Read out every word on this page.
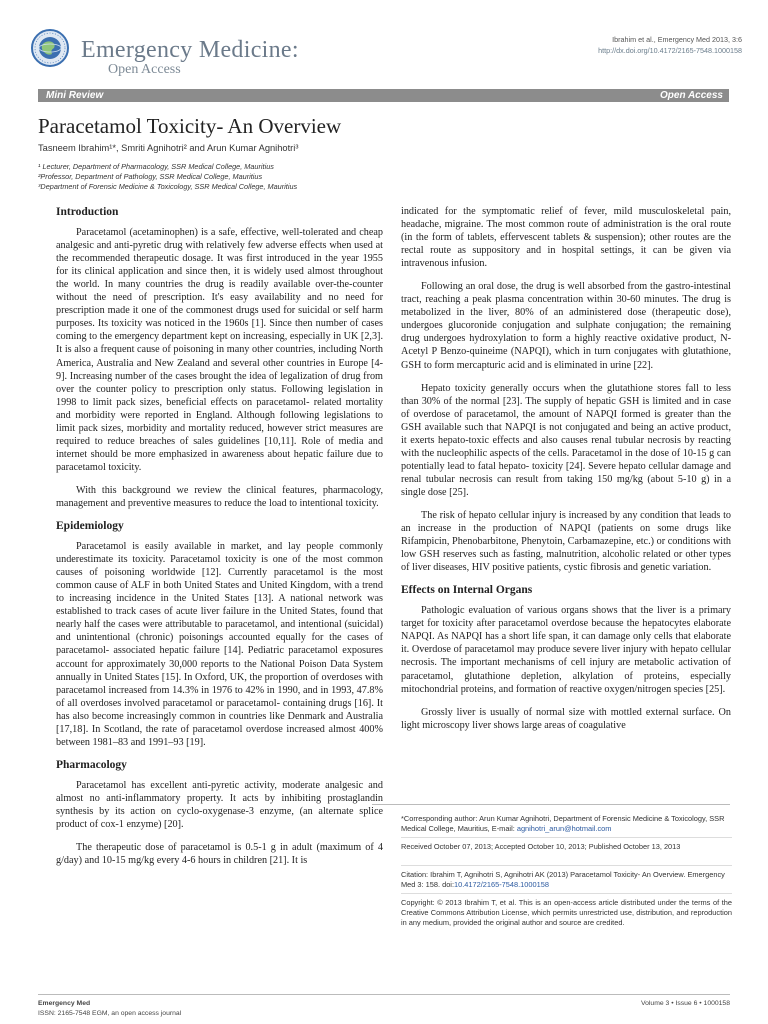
Emergency Medicine:
Open Access
Ibrahim et al., Emergency Med 2013, 3:6
http://dx.doi.org/10.4172/2165-7548.1000158
Mini Review	Open Access
Paracetamol Toxicity- An Overview
Tasneem Ibrahim¹*, Smriti Agnihotri² and Arun Kumar Agnihotri³
¹ Lecturer, Department of Pharmacology, SSR Medical College, Mauritius
²Professor, Department of Pathology, SSR Medical College, Mauritius
³Department of Forensic Medicine & Toxicology, SSR Medical College, Mauritius
Introduction

Paracetamol (acetaminophen) is a safe, effective, well-tolerated and cheap analgesic and anti-pyretic drug with relatively few adverse effects when used at the recommended therapeutic dosage. It was first introduced in the year 1955 for its clinical application and since then, it is widely used almost throughout the world. In many countries the drug is readily available over-the-counter without the need of prescription. It's easy availability and no need for prescription made it one of the commonest drugs used for suicidal or self harm purposes. Its toxicity was noticed in the 1960s [1]. Since then number of cases coming to the emergency department kept on increasing, especially in UK [2,3]. It is also a frequent cause of poisoning in many other countries, including North America, Australia and New Zealand and several other countries in Europe [4-9]. Increasing number of the cases brought the idea of legalization of drug from over the counter policy to prescription only status. Following legislation in 1998 to limit pack sizes, beneficial effects on paracetamol- related mortality and morbidity were reported in England. Although following legislations to limit pack sizes, morbidity and mortality reduced, however strict measures are required to reduce breaches of sales guidelines [10,11]. Role of media and internet should be more emphasized in awareness about hepatic failure due to paracetamol toxicity.

With this background we review the clinical features, pharmacology, management and preventive measures to reduce the load to intentional toxicity.

Epidemiology

Paracetamol is easily available in market, and lay people commonly underestimate its toxicity. Paracetamol toxicity is one of the most common causes of poisoning worldwide [12]. Currently paracetamol is the most common cause of ALF in both United States and United Kingdom, with a trend to increasing incidence in the United States [13]. A national network was established to track cases of acute liver failure in the United States, found that nearly half the cases were attributable to paracetamol, and intentional (suicidal) and unintentional (chronic) poisonings accounted equally for the cases of paracetamol- associated hepatic failure [14]. Pediatric paracetamol exposures account for approximately 30,000 reports to the National Poison Data System annually in United States [15]. In Oxford, UK, the proportion of overdoses with paracetamol increased from 14.3% in 1976 to 42% in 1990, and in 1993, 47.8% of all overdoses involved paracetamol or paracetamol- containing drugs [16]. It has also become increasingly common in countries like Denmark and Australia [17,18]. In Scotland, the rate of paracetamol overdose increased almost 400% between 1981–83 and 1991–93 [19].

Pharmacology

Paracetamol has excellent anti-pyretic activity, moderate analgesic and almost no anti-inflammatory property. It acts by inhibiting prostaglandin synthesis by its action on cyclo-oxygenase-3 enzyme, (an alternate splice product of cox-1 enzyme) [20].

The therapeutic dose of paracetamol is 0.5-1 g in adult (maximum of 4 g/day) and 10-15 mg/kg every 4-6 hours in children [21]. It is

indicated for the symptomatic relief of fever, mild musculoskeletal pain, headache, migraine. The most common route of administration is the oral route (in the form of tablets, effervescent tablets & suspension); other routes are the rectal route as suppository and in hospital settings, it can be given via intravenous infusion.

Following an oral dose, the drug is well absorbed from the gastro-intestinal tract, reaching a peak plasma concentration within 30-60 minutes. The drug is metabolized in the liver, 80% of an administered dose (therapeutic dose), undergoes glucoronide conjugation and sulphate conjugation; the remaining drug undergoes hydroxylation to form a highly reactive oxidative product, N-Acetyl P Benzo-quineime (NAPQI), which in turn conjugates with glutathione, GSH to form mercapturic acid and is eliminated in urine [22].

Hepato toxicity generally occurs when the glutathione stores fall to less than 30% of the normal [23]. The supply of hepatic GSH is limited and in case of overdose of paracetamol, the amount of NAPQI formed is greater than the GSH available such that NAPQI is not conjugated and being an active product, it exerts hepato-toxic effects and also causes renal tubular necrosis by reacting with the nucleophilic aspects of the cells. Paracetamol in the dose of 10-15 g can potentially lead to fatal hepato- toxicity [24]. Severe hepato cellular damage and renal tubular necrosis can result from taking 150 mg/kg (about 5-10 g) in a single dose [25].

The risk of hepato cellular injury is increased by any condition that leads to an increase in the production of NAPQI (patients on some drugs like Rifampicin, Phenobarbitone, Phenytoin, Carbamazepine, etc.) or conditions with low GSH reserves such as fasting, malnutrition, alcoholic related or other types of liver diseases, HIV positive patients, cystic fibrosis and genetic variation.

Effects on Internal Organs

Pathologic evaluation of various organs shows that the liver is a primary target for toxicity after paracetamol overdose because the hepatocytes elaborate NAPQI. As NAPQI has a short life span, it can damage only cells that elaborate it. Overdose of paracetamol may produce severe liver injury with hepato cellular necrosis. The important mechanisms of cell injury are metabolic activation of paracetamol, glutathione depletion, alkylation of proteins, especially mitochondrial proteins, and formation of reactive oxygen/nitrogen species [25].

Grossly liver is usually of normal size with mottled external surface. On light microscopy liver shows large areas of coagulative

*Corresponding author: Arun Kumar Agnihotri, Department of Forensic Medicine & Toxicology, SSR Medical College, Mauritius, E-mail: agnihotri_arun@hotmail.com
Received October 07, 2013; Accepted October 10, 2013; Published October 13, 2013
Citation: Ibrahim T, Agnihotri S, Agnihotri AK (2013) Paracetamol Toxicity- An Overview. Emergency Med 3: 158. doi:10.4172/2165-7548.1000158
Copyright: © 2013 Ibrahim T, et al. This is an open-access article distributed under the terms of the Creative Commons Attribution License, which permits unrestricted use, distribution, and reproduction in any medium, provided the original author and source are credited.
Emergency Med
ISSN: 2165-7548 EGM, an open access journal
Volume 3 • Issue 6 • 1000158
